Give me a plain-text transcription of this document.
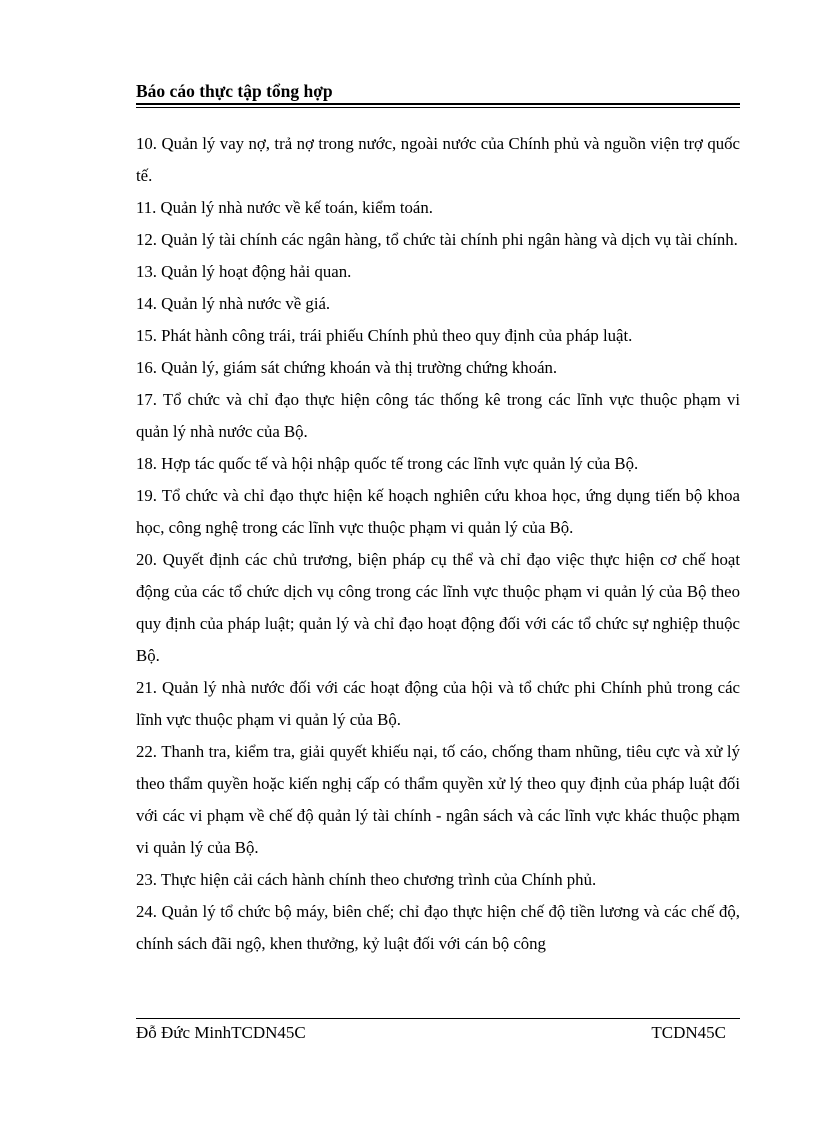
Báo cáo thực tập tổng hợp

10. Quản lý vay nợ, trả nợ trong nước, ngoài nước của Chính phủ và nguồn viện trợ quốc tế.

11. Quản lý nhà nước về kế toán, kiểm toán.

12. Quản lý tài chính các ngân hàng, tổ chức tài chính phi ngân hàng và dịch vụ tài chính.

13. Quản lý hoạt động hải quan.

14. Quản lý nhà nước về giá.

15. Phát hành công trái, trái phiếu Chính phủ theo quy định của pháp luật.

16. Quản lý, giám sát chứng khoán và thị trường chứng khoán.

17. Tổ chức và chỉ đạo thực hiện công tác thống kê trong các lĩnh vực thuộc phạm vi quản lý nhà nước của Bộ.

18. Hợp tác quốc tế và hội nhập quốc tế trong các lĩnh vực quản lý của Bộ.

19. Tổ chức và chỉ đạo thực hiện kế hoạch nghiên cứu khoa học, ứng dụng tiến bộ khoa học, công nghệ trong các lĩnh vực thuộc phạm vi quản lý của Bộ.

20. Quyết định các chủ trương, biện pháp cụ thể và chỉ đạo việc thực hiện cơ chế hoạt động của các tổ chức dịch vụ công trong các lĩnh vực thuộc phạm vi quản lý của Bộ theo quy định của pháp luật; quản lý và chỉ đạo hoạt động đối với các tổ chức sự nghiệp thuộc Bộ.

21. Quản lý nhà nước đối với các hoạt động của hội và tổ chức phi Chính phủ trong các lĩnh vực thuộc phạm vi quản lý của Bộ.

22. Thanh tra, kiểm tra, giải quyết khiếu nại, tố cáo, chống tham nhũng, tiêu cực và xử lý theo thẩm quyền hoặc kiến nghị cấp có thẩm quyền xử lý theo quy định của pháp luật đối với các vi phạm về chế độ quản lý tài chính - ngân sách và các lĩnh vực khác thuộc phạm vi quản lý của Bộ.

23. Thực hiện cải cách hành chính theo chương trình của Chính phủ.

24. Quản lý tổ chức bộ máy, biên chế; chỉ đạo thực hiện chế độ tiền lương và các chế độ, chính sách đãi ngộ, khen thưởng, kỷ luật đối với cán bộ công

Đỗ Đức MinhTCDN45C	TCDN45C
